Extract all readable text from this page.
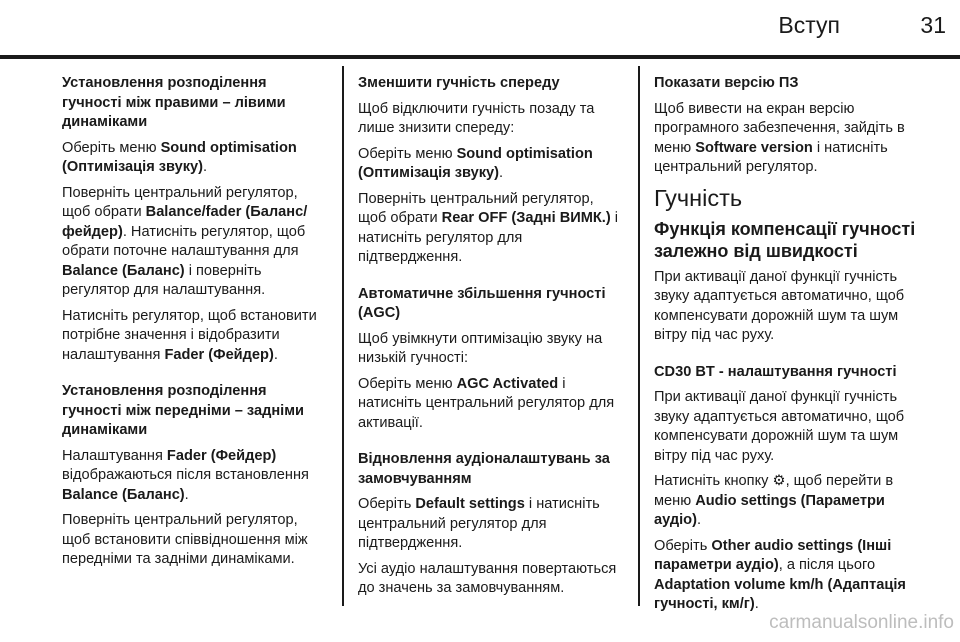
Вступ	31

Установлення розподілення гучності між правими – лівими динаміками

Оберіть меню Sound optimisation (Оптимізація звуку).

Поверніть центральний регулятор, щоб обрати Balance/fader (Баланс/фейдер). Натисніть регулятор, щоб обрати поточне налаштування для Balance (Баланс) і поверніть регулятор для налаштування.

Натисніть регулятор, щоб встановити потрібне значення і відобразити налаштування Fader (Фейдер).

Установлення розподілення гучності між передніми – задніми динаміками

Налаштування Fader (Фейдер) відображаються після встановлення Balance (Баланс).

Поверніть центральний регулятор, щоб встановити співвідношення між передніми та задніми динаміками.

Зменшити гучність спереду

Щоб відключити гучність позаду та лише знизити спереду:

Оберіть меню Sound optimisation (Оптимізація звуку).

Поверніть центральний регулятор, щоб обрати Rear OFF (Задні ВИМК.) і натисніть регулятор для підтвердження.

Автоматичне збільшення гучності (AGC)

Щоб увімкнути оптимізацію звуку на низькій гучності:

Оберіть меню AGC Activated і натисніть центральний регулятор для активації.

Відновлення аудіоналаштувань за замовчуванням

Оберіть Default settings і натисніть центральний регулятор для підтвердження.

Усі аудіо налаштування повертаються до значень за замовчуванням.

Показати версію ПЗ

Щоб вивести на екран версію програмного забезпечення, зайдіть в меню Software version і натисніть центральний регулятор.

Гучність

Функція компенсації гучності залежно від швидкості

При активації даної функції гучність звуку адаптується автоматично, щоб компенсувати дорожній шум та шум вітру під час руху.

CD30 BT - налаштування гучності

При активації даної функції гучність звуку адаптується автоматично, щоб компенсувати дорожній шум та шум вітру під час руху.

Натисніть кнопку ⚙, щоб перейти в меню Audio settings (Параметри аудіо).

Оберіть Other audio settings (Інші параметри аудіо), а після цього Adaptation volume km/h (Адаптація гучності, км/г).

carmanualsonline.info
